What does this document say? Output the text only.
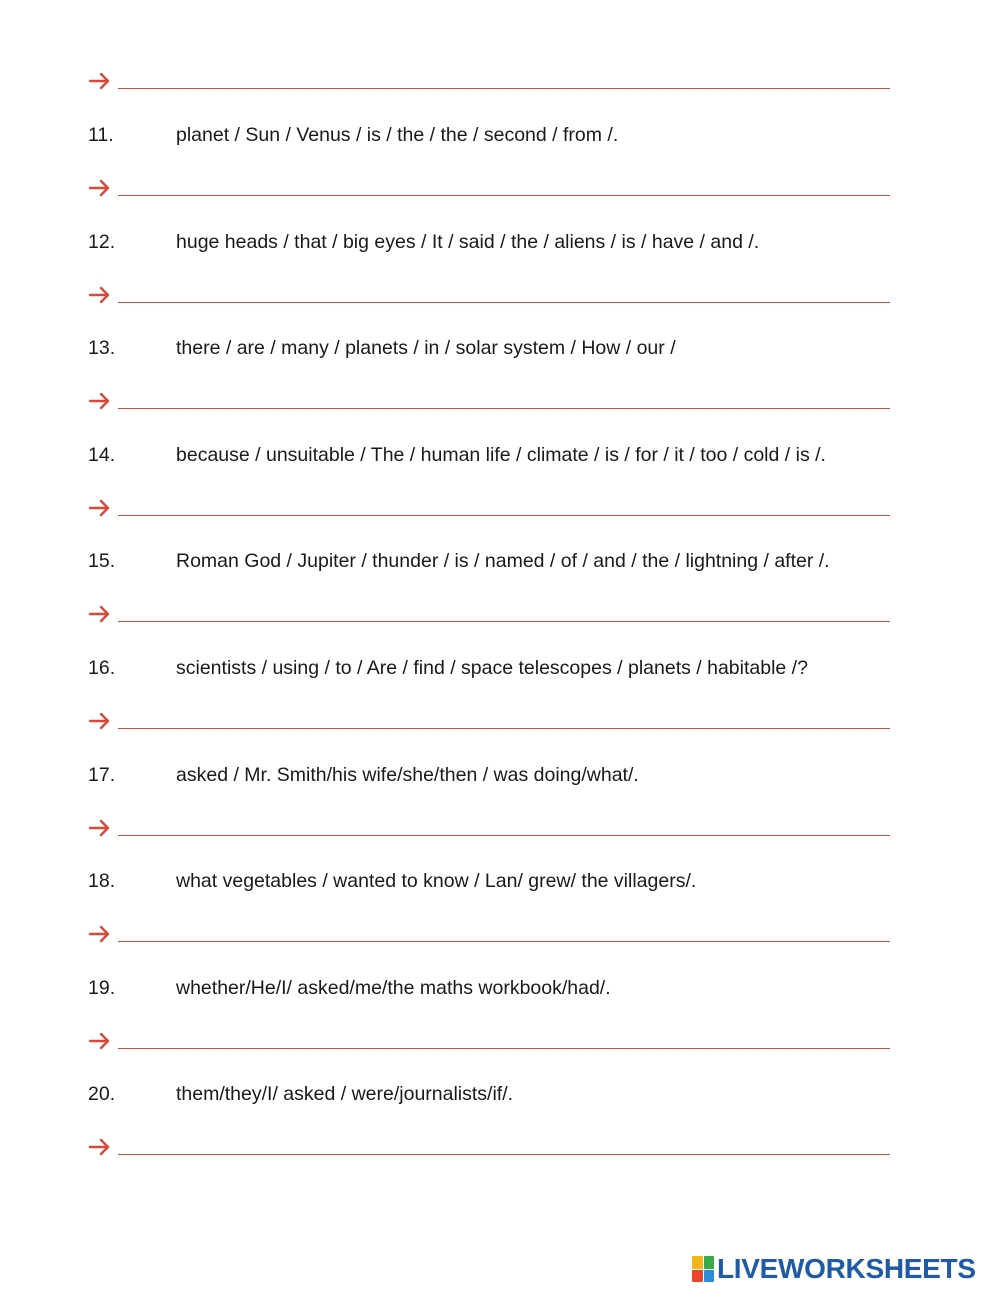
11.	planet / Sun / Venus / is / the / the / second / from /.
12.	huge heads / that / big eyes / It / said / the / aliens / is / have / and /.
13.	there / are / many / planets / in / solar system / How / our /
14.	because / unsuitable / The / human life / climate / is / for / it / too / cold / is /.
15.	Roman God / Jupiter / thunder / is / named / of / and / the / lightning / after /.
16.	scientists / using / to / Are / find / space telescopes / planets / habitable /?
17.	asked / Mr. Smith/his wife/she/then / was doing/what/.
18.	what vegetables / wanted to know / Lan/ grew/ the villagers/.
19.	whether/He/I/ asked/me/the maths workbook/had/.
20.	them/they/I/ asked / were/journalists/if/.
LIVEWORKSHEETS
